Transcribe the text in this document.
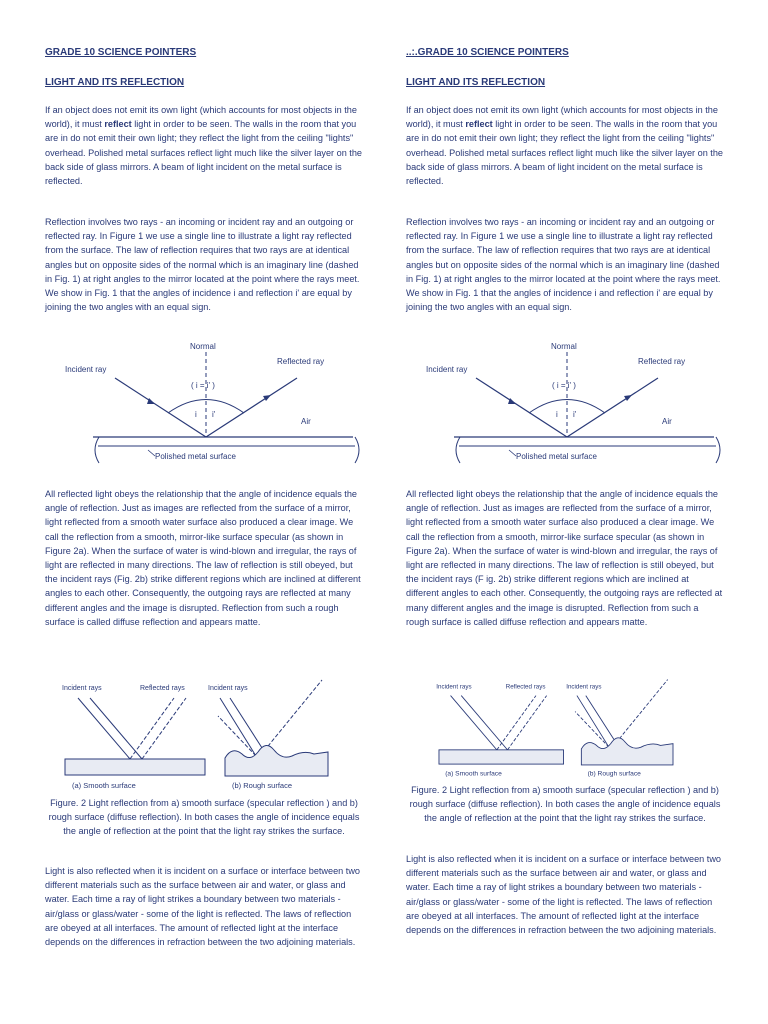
GRADE 10 SCIENCE POINTERS
LIGHT AND ITS REFLECTION

If an object does not emit its own light (which accounts for most objects in the world), it must reflect light in order to be seen. The walls in the room that you are in do not emit their own light; they reflect the light from the ceiling "lights" overhead. Polished metal surfaces reflect light much like the silver layer on the back side of glass mirrors. A beam of light incident on the metal surface is reflected.

Reflection involves two rays - an incoming or incident ray and an outgoing or reflected ray. In Figure 1 we use a single line to illustrate a light ray reflected from the surface. The law of reflection requires that two rays are at identical angles but on opposite sides of the normal which is an imaginary line (dashed in Fig. 1) at right angles to the mirror located at the point where the rays meet. We show in Fig. 1 that the angles of incidence i and reflection i' are equal by joining the two angles with an equal sign.

Normal
Incident ray
Reflected ray
( i = i' )
i i'
Air
Polished metal surface

All reflected light obeys the relationship that the angle of incidence equals the angle of reflection. Just as images are reflected from the surface of a mirror, light reflected from a smooth water surface also produced a clear image. We call the reflection from a smooth, mirror-like surface specular (as shown in Figure 2a). When the surface of water is wind-blown and irregular, the rays of light are reflected in many directions. The law of reflection is still obeyed, but the incident rays (Fig. 2b) strike different regions which are inclined at different angles to each other. Consequently, the outgoing rays are reflected at many different angles and the image is disrupted. Reflection from such a rough surface is called diffuse reflection and appears matte.

Incident rays	Reflected rays
(a) Smooth surface
Incident rays
(b) Rough surface

Figure. 2 Light reflection from a) smooth surface (specular reflection ) and b) rough surface (diffuse reflection). In both cases the angle of incidence equals the angle of reflection at the point that the light ray strikes the surface.

Light is also reflected when it is incident on a surface or interface between two different materials such as the surface between air and water, or glass and water. Each time a ray of light strikes a boundary between two materials - air/glass or glass/water - some of the light is reflected. The laws of reflection are obeyed at all interfaces. The amount of reflected light at the interface depends on the differences in refraction between the two adjoining materials.

..:.GRADE 10 SCIENCE POINTERS
LIGHT AND ITS REFLECTION

If an object does not emit its own light (which accounts for most objects in the world), it must reflect light in order to be seen. The walls in the room that you are in do not emit their own light; they reflect the light from the ceiling "lights" overhead. Polished metal surfaces reflect light much like the silver layer on the back side of glass mirrors. A beam of light incident on the metal surface is reflected.

Reflection involves two rays - an incoming or incident ray and an outgoing or reflected ray. In Figure 1 we use a single line to illustrate a light ray reflected from the surface. The law of reflection requires that two rays are at identical angles but on opposite sides of the normal which is an imaginary line (dashed in Fig. 1) at right angles to the mirror located at the point where the rays meet. We show in Fig. 1 that the angles of incidence i and reflection i' are equal by joining the two angles with an equal sign.

Normal
Incident ray
Reflected ray
( i = i' )
i i'
Air
Polished metal surface

All reflected light obeys the relationship that the angle of incidence equals the angle of reflection. Just as images are reflected from the surface of a mirror, light reflected from a smooth water surface also produced a clear image. We call the reflection from a smooth, mirror-like surface specular (as shown in Figure 2a). When the surface of water is wind-blown and irregular, the rays of light are reflected in many directions. The law of reflection is still obeyed, but the incident rays (F ig. 2b) strike different regions which are inclined at different angles to each other. Consequently, the outgoing rays are reflected at many different angles and the image is disrupted. Reflection from such a rough surface is called diffuse reflection and appears matte.

Incident rays	Reflected rays
(a) Smooth surface
Incident rays
(b) Rough surface

Figure. 2 Light reflection from a) smooth surface (specular reflection ) and b) rough surface (diffuse reflection). In both cases the angle of incidence equals the angle of reflection at the point that the light ray strikes the surface.

Light is also reflected when it is incident on a surface or interface between two different materials such as the surface between air and water, or glass and water. Each time a ray of light strikes a boundary between two materials - air/glass or glass/water - some of the light is reflected. The laws of reflection are obeyed at all interfaces. The amount of reflected light at the interface depends on the differences in refraction between the two adjoining materials.
